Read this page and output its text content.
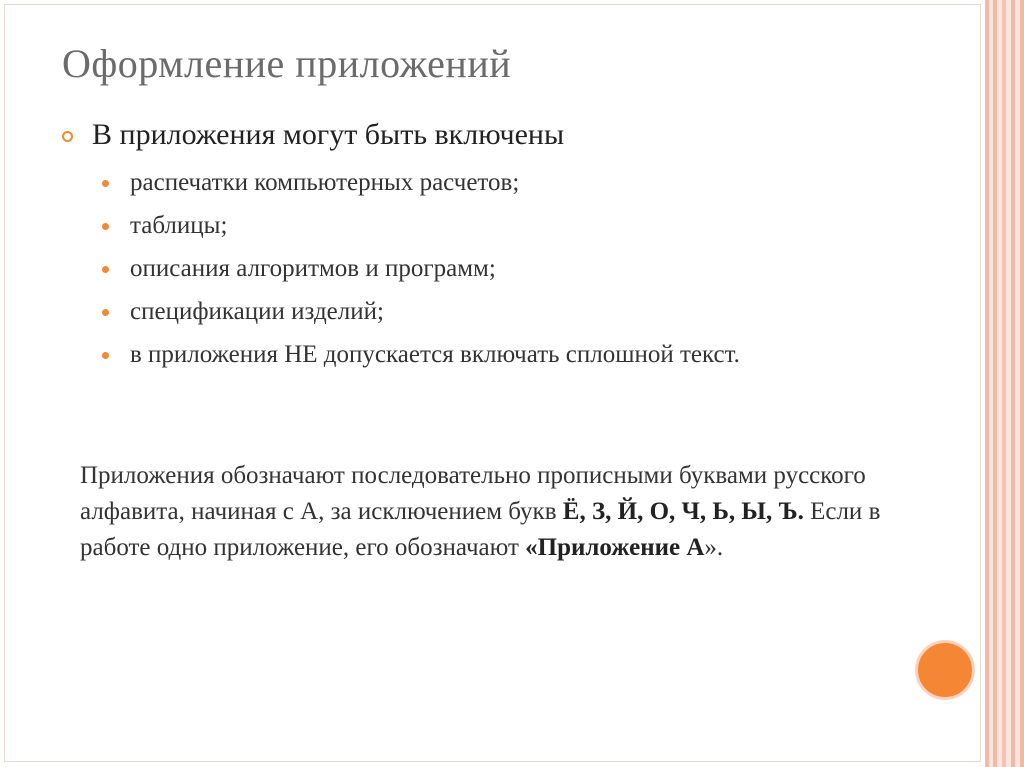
Оформление приложений
В приложения могут быть включены
распечатки компьютерных расчетов;
таблицы;
описания алгоритмов и программ;
спецификации изделий;
в приложения НЕ допускается включать сплошной текст.
Приложения обозначают последовательно прописными буквами русского алфавита, начиная с А, за исключением букв Ё, З, Й, О, Ч, Ь, Ы, Ъ. Если в работе одно приложение, его обозначают «Приложение А».
